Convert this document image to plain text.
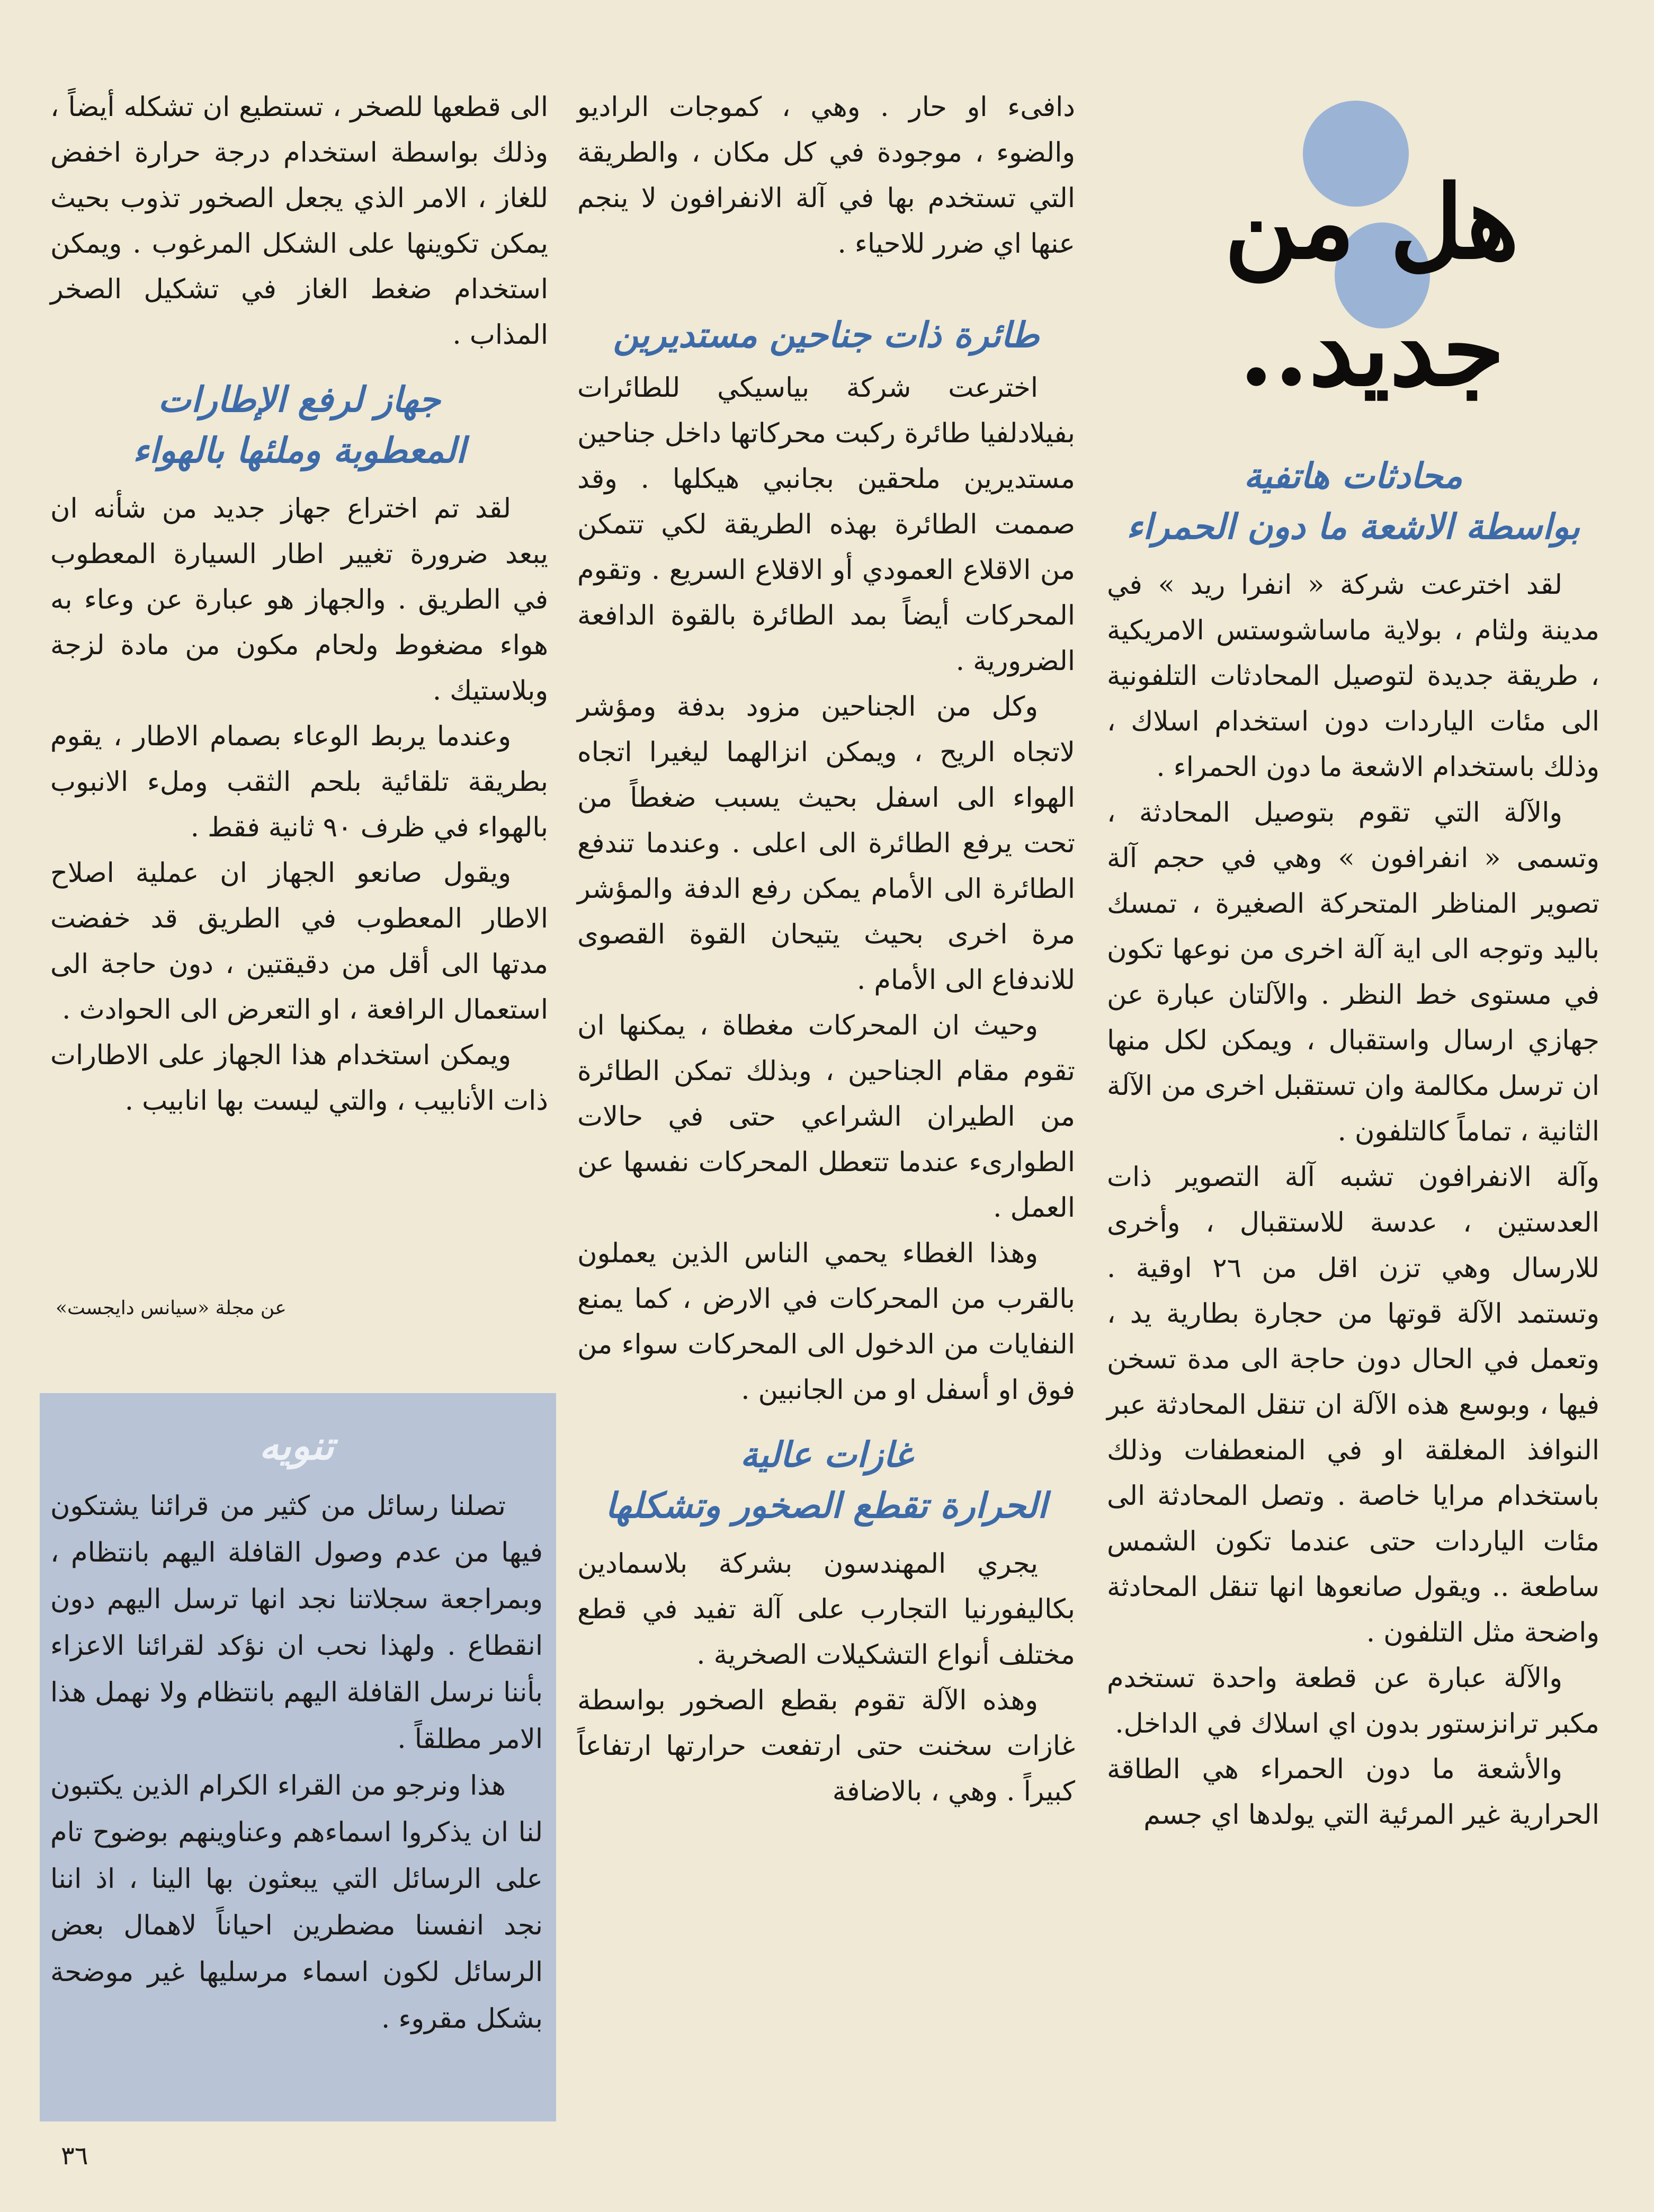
هل من جديد..
محادثات هاتفية
بواسطة الاشعة ما دون الحمراء

لقد اخترعت شركة « انفرا ريد » في مدينة ولثام ، بولاية ماساشوستس الامريكية ، طريقة جديدة لتوصيل المحادثات التلفونية الى مئات الياردات دون استخدام اسلاك ، وذلك باستخدام الاشعة ما دون الحمراء .

والآلة التي تقوم بتوصيل المحادثة ، وتسمى « انفرافون » وهي في حجم آلة تصوير المناظر المتحركة الصغيرة ، تمسك باليد وتوجه الى اية آلة اخرى من نوعها تكون في مستوى خط النظر . والآلتان عبارة عن جهازي ارسال واستقبال ، ويمكن لكل منها ان ترسل مكالمة وان تستقبل اخرى من الآلة الثانية ، تماماً كالتلفون .

وآلة الانفرافون تشبه آلة التصوير ذات العدستين ، عدسة للاستقبال ، وأخرى للارسال وهي تزن اقل من ٢٦ اوقية . وتستمد الآلة قوتها من حجارة بطارية يد ، وتعمل في الحال دون حاجة الى مدة تسخن فيها ، وبوسع هذه الآلة ان تنقل المحادثة عبر النوافذ المغلقة او في المنعطفات وذلك باستخدام مرايا خاصة . وتصل المحادثة الى مئات الياردات حتى عندما تكون الشمس ساطعة .. ويقول صانعوها انها تنقل المحادثة واضحة مثل التلفون .

والآلة عبارة عن قطعة واحدة تستخدم مكبر ترانزستور بدون اي اسلاك في الداخل.

والأشعة ما دون الحمراء هي الطاقة الحرارية غير المرئية التي يولدها اي جسم

دافىء او حار . وهي ، كموجات الراديو والضوء ، موجودة في كل مكان ، والطريقة التي تستخدم بها في آلة الانفرافون لا ينجم عنها اي ضرر للاحياء .

طائرة ذات جناحين مستديرين

اخترعت شركة بياسيكي للطائرات بفيلادلفيا طائرة ركبت محركاتها داخل جناحين مستديرين ملحقين بجانبي هيكلها . وقد صممت الطائرة بهذه الطريقة لكي تتمكن من الاقلاع العمودي أو الاقلاع السريع . وتقوم المحركات أيضاً بمد الطائرة بالقوة الدافعة الضرورية .

وكل من الجناحين مزود بدفة ومؤشر لاتجاه الريح ، ويمكن انزالهما ليغيرا اتجاه الهواء الى اسفل بحيث يسبب ضغطاً من تحت يرفع الطائرة الى اعلى . وعندما تندفع الطائرة الى الأمام يمكن رفع الدفة والمؤشر مرة اخرى بحيث يتيحان القوة القصوى للاندفاع الى الأمام .

وحيث ان المحركات مغطاة ، يمكنها ان تقوم مقام الجناحين ، وبذلك تمكن الطائرة من الطيران الشراعي حتى في حالات الطوارىء عندما تتعطل المحركات نفسها عن العمل .

وهذا الغطاء يحمي الناس الذين يعملون بالقرب من المحركات في الارض ، كما يمنع النفايات من الدخول الى المحركات سواء من فوق او أسفل او من الجانبين .

غازات عالية
الحرارة تقطع الصخور وتشكلها

يجري المهندسون بشركة بلاسمادين بكاليفورنيا التجارب على آلة تفيد في قطع مختلف أنواع التشكيلات الصخرية .

وهذه الآلة تقوم بقطع الصخور بواسطة غازات سخنت حتى ارتفعت حرارتها ارتفاعاً كبيراً . وهي ، بالاضافة

الى قطعها للصخر ، تستطيع ان تشكله أيضاً ، وذلك بواسطة استخدام درجة حرارة اخفض للغاز ، الامر الذي يجعل الصخور تذوب بحيث يمكن تكوينها على الشكل المرغوب . ويمكن استخدام ضغط الغاز في تشكيل الصخر المذاب .

جهاز لرفع الإطارات
المعطوبة وملئها بالهواء

لقد تم اختراع جهاز جديد من شأنه ان يبعد ضرورة تغيير اطار السيارة المعطوب في الطريق . والجهاز هو عبارة عن وعاء به هواء مضغوط ولحام مكون من مادة لزجة وبلاستيك .

وعندما يربط الوعاء بصمام الاطار ، يقوم بطريقة تلقائية بلحم الثقب وملء الانبوب بالهواء في ظرف ٩٠ ثانية فقط .

ويقول صانعو الجهاز ان عملية اصلاح الاطار المعطوب في الطريق قد خفضت مدتها الى أقل من دقيقتين ، دون حاجة الى استعمال الرافعة ، او التعرض الى الحوادث .

ويمكن استخدام هذا الجهاز على الاطارات ذات الأنابيب ، والتي ليست بها انابيب .

عن مجلة «سيانس دايجست»
تنويه

تصلنا رسائل من كثير من قرائنا يشتكون فيها من عدم وصول القافلة اليهم بانتظام ، وبمراجعة سجلاتنا نجد انها ترسل اليهم دون انقطاع . ولهذا نحب ان نؤكد لقرائنا الاعزاء بأننا نرسل القافلة اليهم بانتظام ولا نهمل هذا الامر مطلقاً .

هذا ونرجو من القراء الكرام الذين يكتبون لنا ان يذكروا اسماءهم وعناوينهم بوضوح تام على الرسائل التي يبعثون بها الينا ، اذ اننا نجد انفسنا مضطرين احياناً لاهمال بعض الرسائل لكون اسماء مرسليها غير موضحة بشكل مقروء .

٣٦
